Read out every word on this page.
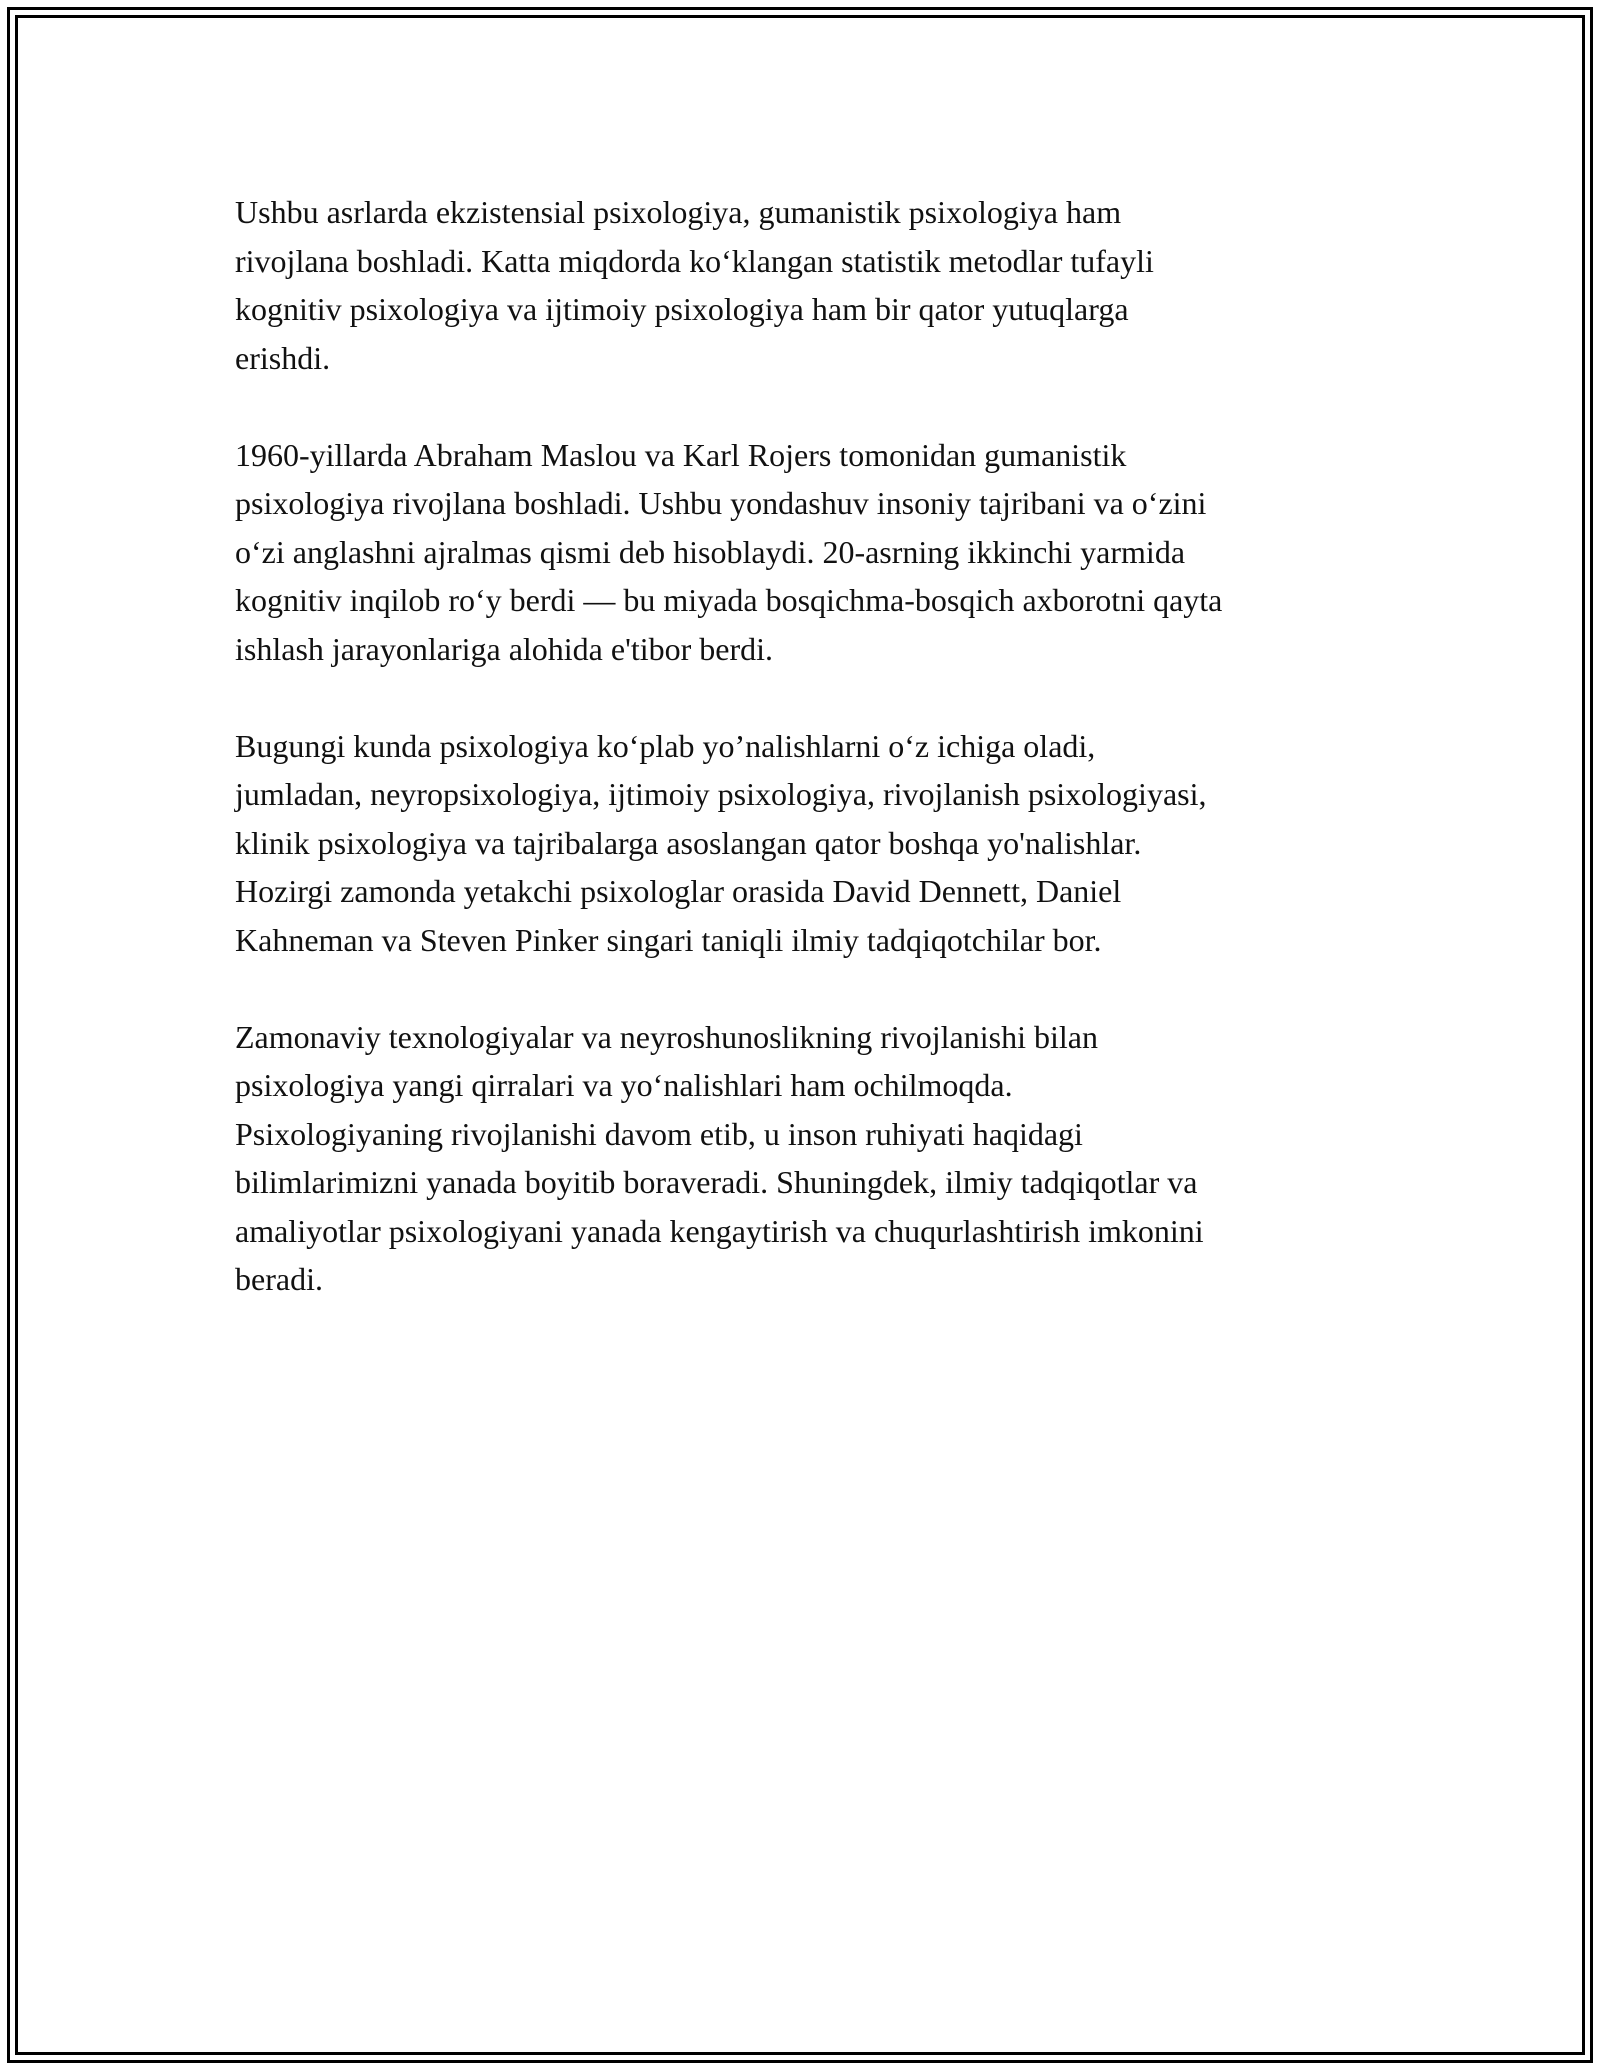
Ushbu asrlarda ekzistensial psixologiya, gumanistik psixologiya ham
rivojlana boshladi. Katta miqdorda ko‘klangan statistik metodlar tufayli
kognitiv psixologiya va ijtimoiy psixologiya ham bir qator yutuqlarga
erishdi.

1960-yillarda Abraham Maslou va Karl Rojers tomonidan gumanistik
psixologiya rivojlana boshladi. Ushbu yondashuv insoniy tajribani va o‘zini
o‘zi anglashni ajralmas qismi deb hisoblaydi. 20-asrning ikkinchi yarmida
kognitiv inqilob ro‘y berdi — bu miyada bosqichma-bosqich axborotni qayta
ishlash jarayonlariga alohida e'tibor berdi.

Bugungi kunda psixologiya ko‘plab yo’nalishlarni o‘z ichiga oladi,
jumladan, neyropsixologiya, ijtimoiy psixologiya, rivojlanish psixologiyasi,
klinik psixologiya va tajribalarga asoslangan qator boshqa yo'nalishlar.
Hozirgi zamonda yetakchi psixologlar orasida David Dennett, Daniel
Kahneman va Steven Pinker singari taniqli ilmiy tadqiqotchilar bor.

Zamonaviy texnologiyalar va neyroshunoslikning rivojlanishi bilan
psixologiya yangi qirralari va yo‘nalishlari ham ochilmoqda.
Psixologiyaning rivojlanishi davom etib, u inson ruhiyati haqidagi
bilimlarimizni yanada boyitib boraveradi. Shuningdek, ilmiy tadqiqotlar va
amaliyotlar psixologiyani yanada kengaytirish va chuqurlashtirish imkonini
beradi.
